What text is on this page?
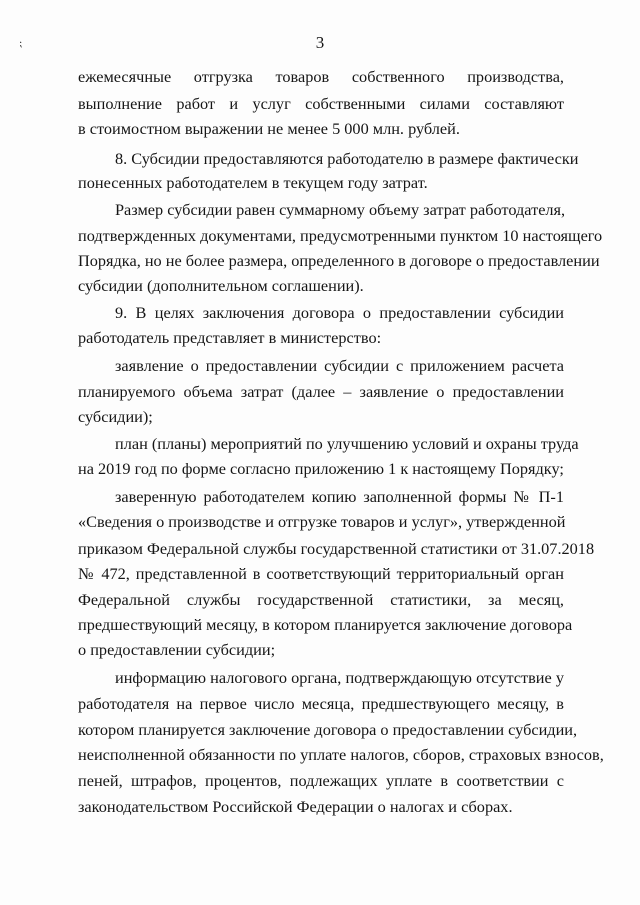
⁏	3
ежемесячные отгрузка товаров собственного производства,
выполнение работ и услуг собственными силами составляют
в стоимостном выражении не менее 5 000 млн. рублей.
8. Субсидии предоставляются работодателю в размере фактически
понесенных работодателем в текущем году затрат.
Размер субсидии равен суммарному объему затрат работодателя,
подтвержденных документами, предусмотренными пунктом 10 настоящего
Порядка, но не более размера, определенного в договоре о предоставлении
субсидии (дополнительном соглашении).
9. В целях заключения договора о предоставлении субсидии
работодатель представляет в министерство:
заявление о предоставлении субсидии с приложением расчета
планируемого объема затрат (далее – заявление о предоставлении
субсидии);
план (планы) мероприятий по улучшению условий и охраны труда
на 2019 год по форме согласно приложению 1 к настоящему Порядку;
заверенную работодателем копию заполненной формы № П-1
«Сведения о производстве и отгрузке товаров и услуг», утвержденной
приказом Федеральной службы государственной статистики от 31.07.2018
№ 472, представленной в соответствующий территориальный орган
Федеральной службы государственной статистики, за месяц,
предшествующий месяцу, в котором планируется заключение договора
о предоставлении субсидии;
информацию налогового органа, подтверждающую отсутствие у
работодателя на первое число месяца, предшествующего месяцу, в
котором планируется заключение договора о предоставлении субсидии,
неисполненной обязанности по уплате налогов, сборов, страховых взносов,
пеней, штрафов, процентов, подлежащих уплате в соответствии с
законодательством Российской Федерации о налогах и сборах.
